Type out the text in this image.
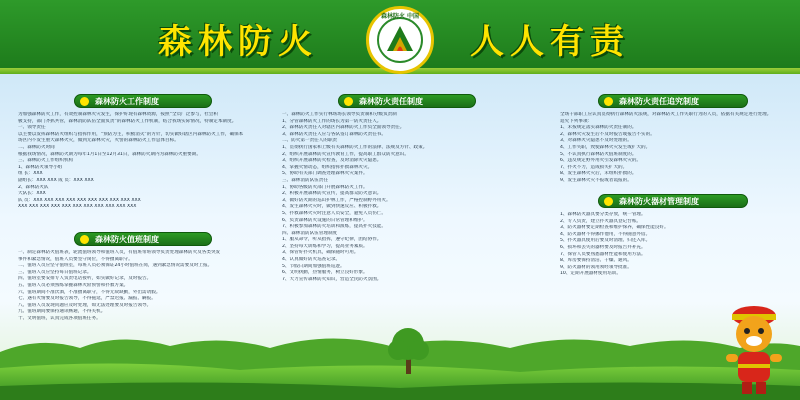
森林防火	人人有责
森林防火 中国
森林防火工作制度	森林防火责任制度	森林防火责任追究制度
森林防火值班制度
森林防火器材管理制度

为加强森林防火工作，有效控制森林火灾发生，保护好现有森林资源，按照“全员广泛参与，社会积

极支持，部门齐抓共管，森林消防队伍全面负责”的森林防火工作机制，结合我场实际情况，特制定本制度。

一、领导责任

以主要以发挥森林防火组织与指挥作用，“预防为主，积极消灭”的方针，切实做好辖区内森林防火工作，确保本

场区内不发生重大森林火灾，做到无森林火灾，火警的森林防火工作总体目标。

二、森林防火时间

根据我场情况，森林防火期为每年1月1日至12月31日，森林防火期内为森林防火重要期。

三、森林防火工作组织机构

1、森林防火领导小组

组 长：XXX

副组长：XXX XXX 成 员：XXX XXX

2、森林防火队

大队长：XXX

队 员：XXX XXX XXX XXX XXX XXX XXX XXX XXX XXX

XXX XXX XXX XXX XXX XXX XXX XXX XXX XXX XXX

一、制定森林防火值班表，轮流值班领导和值班人员，有值班带班领导负责处理森林防火及各类突发

事件和紧急情况，值班人员要坚守岗位，不得擅离职守。

二、值班人员应坚守值班室，每班人员必须保证24小时值班在岗，遇到紧急情况需要及时上报。

三、值班人员应坚持每日值班记录。

四、值班室要安排专人负责电话接听，如实做好记录，及时报告。

五、值班人员必须熟练掌握森林火险预警和扑救方案。

六、值班期间不准饮酒，不准擅离职守，不得无故缺勤，外出需请假。

七、遇有火情要及时报告领导，不得拖延，严禁迟报、漏报、瞒报。

八、值班人员发现问题应及时处理，如无法处理要及时报告领导。

九、值班期间要保持通讯畅通，不得关机。

十、文明值班，认真完成各项值班任务。

一、森林防火工作实行林场场长领导负责制和分级负责制

1、分管森林防火工作的场长为第一防火责任人。

2、森林防火责任人对辖区内森林防火工作负全面领导责任。

3、森林防火责任人应与各队签订森林防火责任书。

二、防火第一责任人的职责

1、贯彻执行国家和上级有关森林防火工作的法律、法规及方针、政策。

2、组织开展森林防火宣传教育工作，提高职工群众防火意识。

3、组织开展森林防火检查，及时消除火灾隐患。

4、掌握火情动态，组织指挥扑救森林火灾。

5、协助有关部门调查处理森林火灾案件。

三、森林消防队伍责任

1、协助各级防火部门开展森林防火工作。

2、积极开展森林防火宣传，提高群众防火意识。

3、做好防火期的巡山护林工作，严格控制野外用火。

4、发生森林火灾时，做到快速反应、积极扑救。

5、扑救森林火灾时注意人员安全，避免人员伤亡。

6、负责森林防火设施的日常管理和维护。

7、积极参加森林防火培训和演练，提高扑火技能。

四、森林消防队伍管理制度

1、服从命令，听从指挥，遵守纪律，团结协作。

2、坚持每天训练和学习，提高业务素质。

3、保管好扑火机具，确保随时可用。

4、认真做好防火巡查记录。

5、节假日期间加强值班巡逻。

6、文明执勤，热情服务，树立良好形象。

7、大力宣传森林防火知识，营造全民防火氛围。

全场干部职工应认真贯彻执行森林防火法规，对森林防火工作失职行为的人员，依据有关规定进行处理。

追究下列事项：

1、未按规定落实森林防火责任制的。

2、森林火灾发生后不及时报告或报告不实的。

3、对森林火灾隐患不及时处理的。

4、工作失职，致使森林火灾发生或扩大的。

5、不认真执行森林防火值班制度的。

6、违反规定野外用火引发森林火灾的。

7、扑火不力，造成损失扩大的。

8、发生森林火灾后，未组织扑救的。

9、发生森林火灾不报或者谎报的。

1、森林防火器具要分类存放，统一管理。

2、专人负责，建立扑火器具登记台账。

3、防火器材要定期检查和维护保养，确保性能良好。

4、防火器材不得挪作他用，不得随意外借。

5、扑火器具使用后要及时清理、归还入库。

6、损坏和丢失的器材要及时报告并补充。

7、保管人员要熟悉器材性能和使用方法。

8、库房要保持清洁、干燥、通风。

9、防火器材的领用须经领导批准。

10、定期开展器材使用培训。
